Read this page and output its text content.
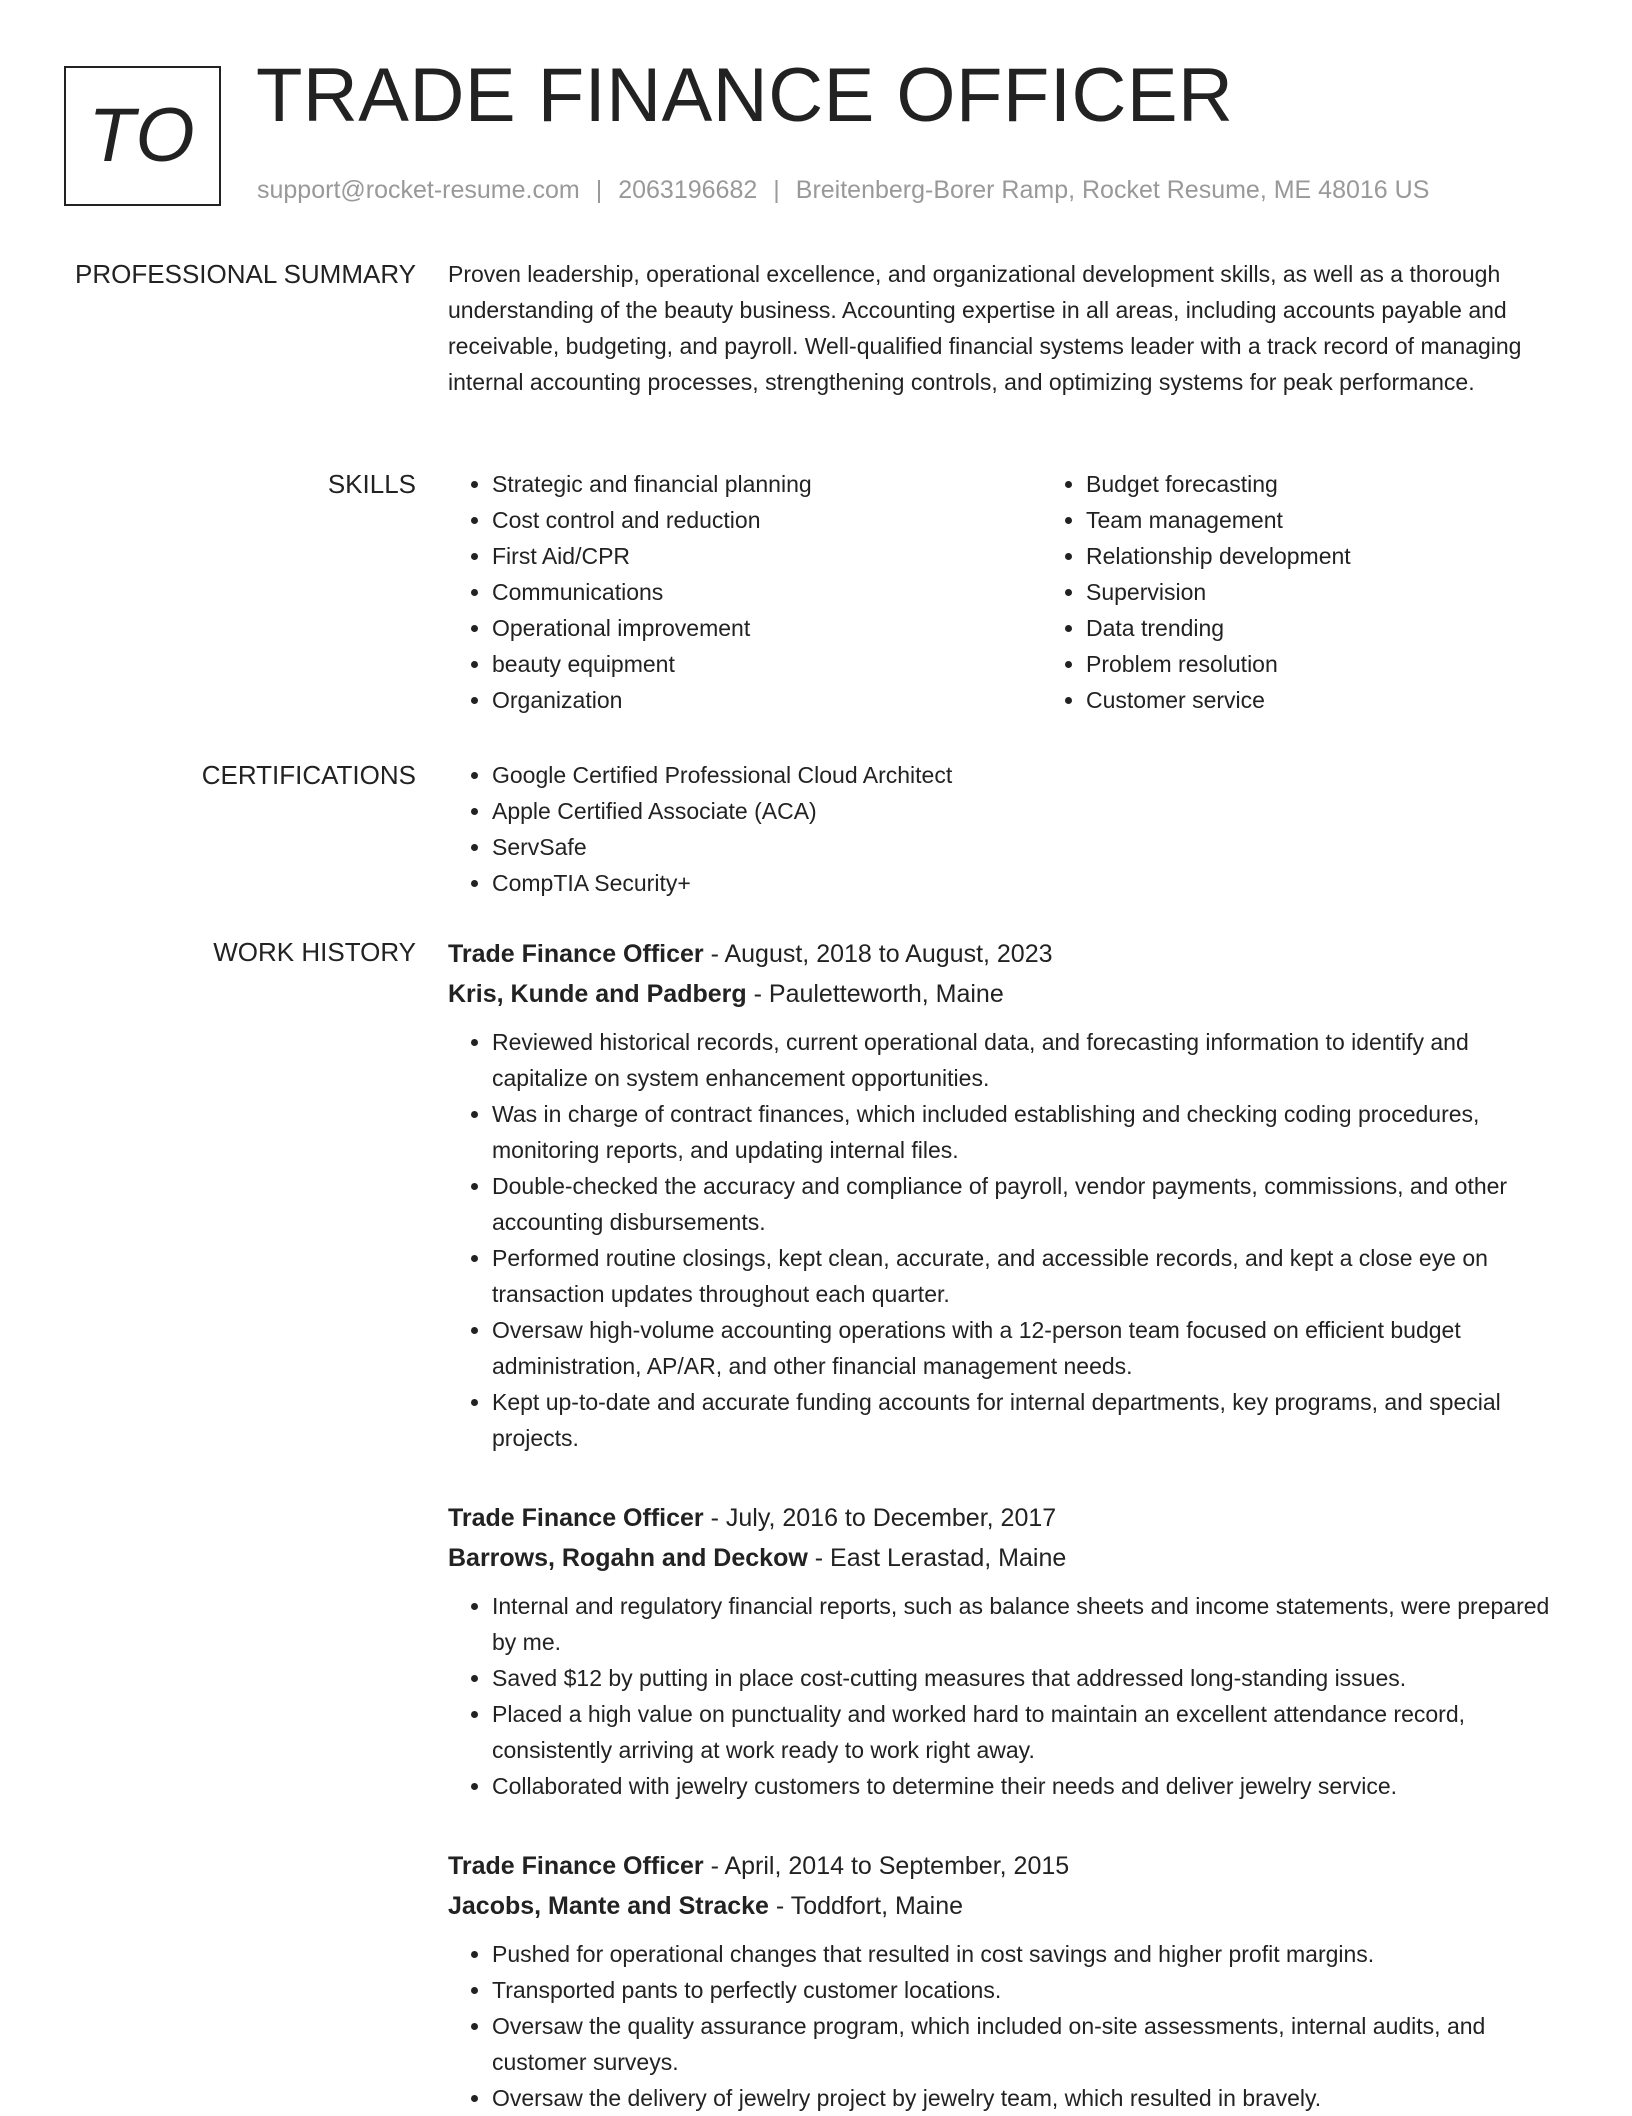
TO TRADE FINANCE OFFICER
support@rocket-resume.com | 2063196682 | Breitenberg-Borer Ramp, Rocket Resume, ME 48016 US
PROFESSIONAL SUMMARY Proven leadership, operational excellence, and organizational development skills, as well as a thorough understanding of the beauty business. Accounting expertise in all areas, including accounts payable and receivable, budgeting, and payroll. Well-qualified financial systems leader with a track record of managing internal accounting processes, strengthening controls, and optimizing systems for peak performance.

SKILLS	• Strategic and financial planning
• Cost control and reduction
• First Aid/CPR
• Communications
• Operational improvement
• beauty equipment
• Organization
• Budget forecasting
• Team management
• Relationship development
• Supervision
• Data trending
• Problem resolution
• Customer service
CERTIFICATIONS	• Google Certified Professional Cloud Architect
• Apple Certified Associate (ACA)
• ServSafe
• CompTIA Security+
WORK HISTORY Trade Finance Officer - August, 2018 to August, 2023
Kris, Kunde and Padberg - Pauletteworth, Maine
• Reviewed historical records, current operational data, and forecasting information to identify and capitalize on system enhancement opportunities.
• Was in charge of contract finances, which included establishing and checking coding procedures, monitoring reports, and updating internal files.
• Double-checked the accuracy and compliance of payroll, vendor payments, commissions, and other accounting disbursements.
• Performed routine closings, kept clean, accurate, and accessible records, and kept a close eye on transaction updates throughout each quarter.
• Oversaw high-volume accounting operations with a 12-person team focused on efficient budget administration, AP/AR, and other financial management needs.
• Kept up-to-date and accurate funding accounts for internal departments, key programs, and special projects.
Trade Finance Officer - July, 2016 to December, 2017
Barrows, Rogahn and Deckow - East Lerastad, Maine
• Internal and regulatory financial reports, such as balance sheets and income statements, were prepared by me.
• Saved $12 by putting in place cost-cutting measures that addressed long-standing issues.
• Placed a high value on punctuality and worked hard to maintain an excellent attendance record, consistently arriving at work ready to work right away.
• Collaborated with jewelry customers to determine their needs and deliver jewelry service.
Trade Finance Officer - April, 2014 to September, 2015
Jacobs, Mante and Stracke - Toddfort, Maine
• Pushed for operational changes that resulted in cost savings and higher profit margins.
• Transported pants to perfectly customer locations.
• Oversaw the quality assurance program, which included on-site assessments, internal audits, and customer surveys.
• Oversaw the delivery of jewelry project by jewelry team, which resulted in bravely.
